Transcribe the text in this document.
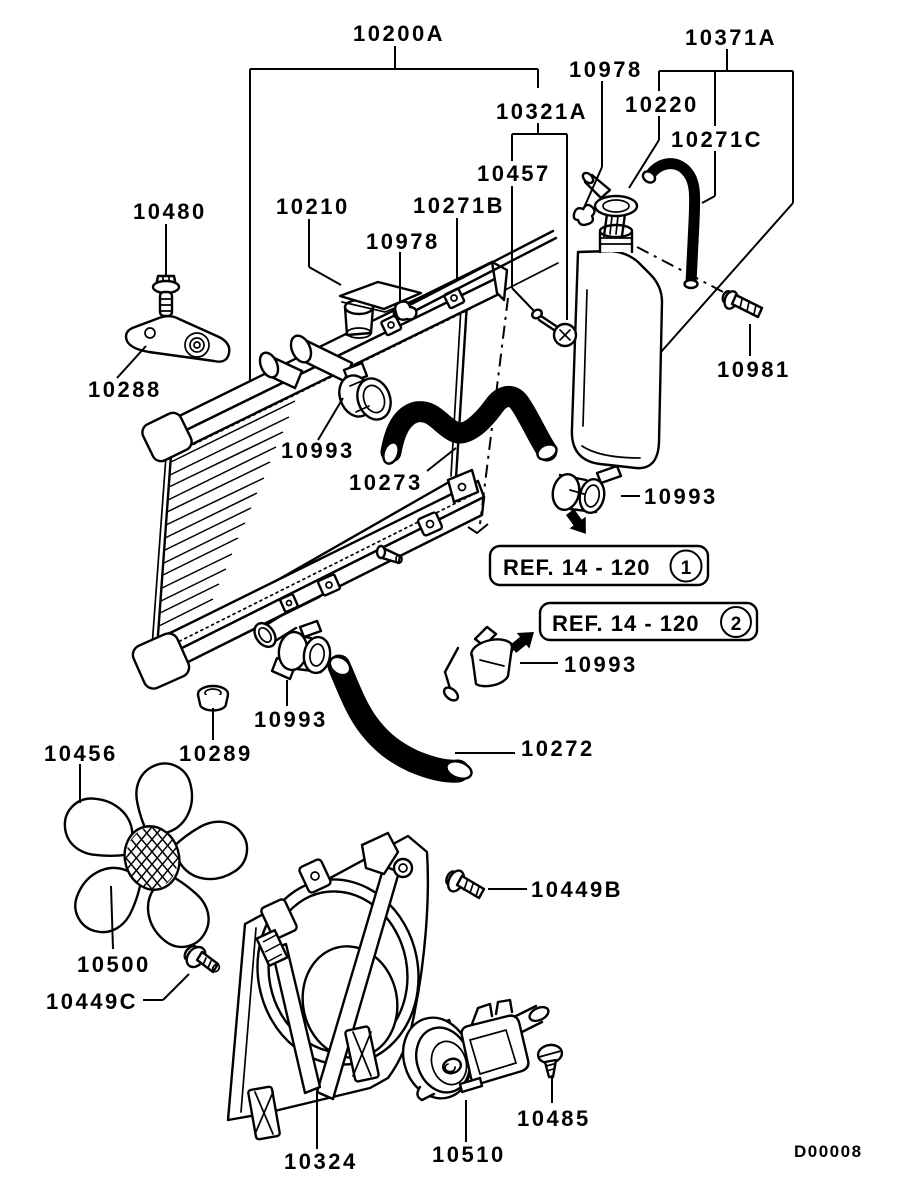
REF. 14 - 120 1
REF. 14 - 120 2
10200A	10371A
10978
10220
10271C
10321A
10457
10480	10210	10271B
10978
10288
10993
10273
10981
10993
10993
10272
10456	10289
10993
10500
10449C
10449B
10324	10510
10485
D00008
